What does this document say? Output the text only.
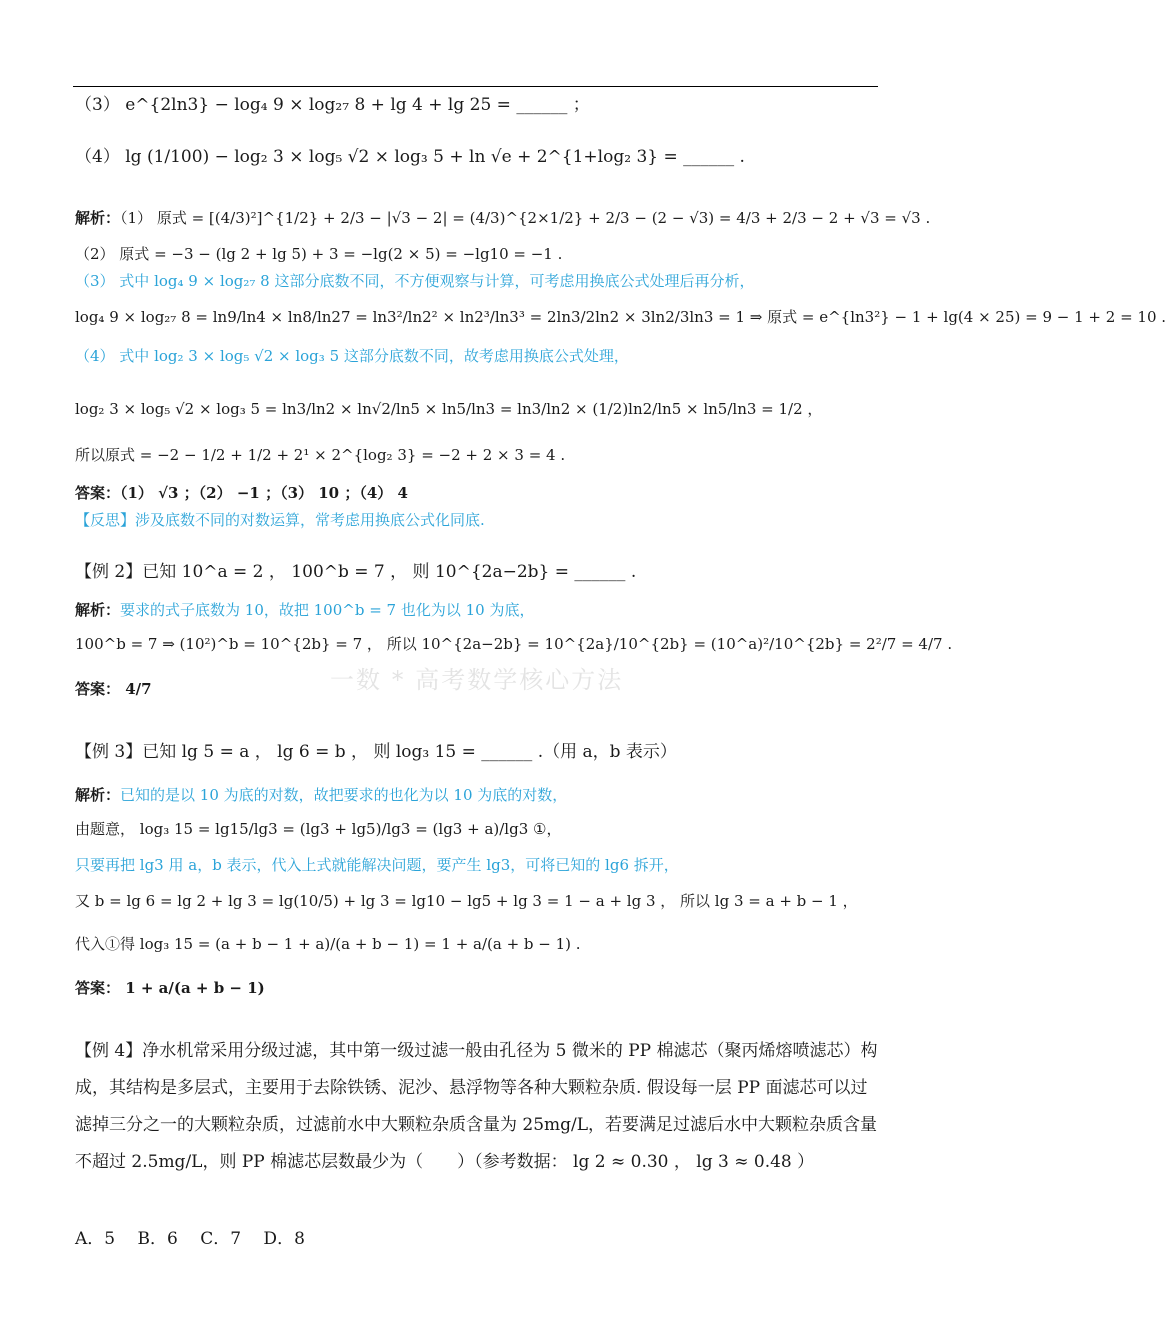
一数 * 高考数学核心方法
（3） e^{2ln3} − log₄ 9 × log₂₇ 8 + lg 4 + lg 25 = ______ ；
（4） lg (1/100) − log₂ 3 × log₅ √2 × log₃ 5 + ln √e + 2^{1+log₂ 3} = ______ .
解析：（1） 原式 = [(4/3)²]^{1/2} + 2/3 − |√3 − 2| = (4/3)^{2×1/2} + 2/3 − (2 − √3) = 4/3 + 2/3 − 2 + √3 = √3 .
（2） 原式 = −3 − (lg 2 + lg 5) + 3 = −lg(2 × 5) = −lg10 = −1 .
（3） 式中 log₄ 9 × log₂₇ 8 这部分底数不同，不方便观察与计算，可考虑用换底公式处理后再分析，
log₄ 9 × log₂₇ 8 = ln9/ln4 × ln8/ln27 = ln3²/ln2² × ln2³/ln3³ = 2ln3/2ln2 × 3ln2/3ln3 = 1 ⇒ 原式 = e^{ln3²} − 1 + lg(4 × 25) = 9 − 1 + 2 = 10 .
（4） 式中 log₂ 3 × log₅ √2 × log₃ 5 这部分底数不同，故考虑用换底公式处理，
log₂ 3 × log₅ √2 × log₃ 5 = ln3/ln2 × ln√2/ln5 × ln5/ln3 = ln3/ln2 × (1/2)ln2/ln5 × ln5/ln3 = 1/2 ，
所以原式 = −2 − 1/2 + 1/2 + 2¹ × 2^{log₂ 3} = −2 + 2 × 3 = 4 .
答案：（1） √3 ；（2） −1 ；（3） 10 ；（4） 4
【反思】涉及底数不同的对数运算，常考虑用换底公式化同底.
【例 2】已知 10^a = 2 ， 100^b = 7 ， 则 10^{2a−2b} = ______ .
解析：要求的式子底数为 10，故把 100^b = 7 也化为以 10 为底，
100^b = 7 ⇒ (10²)^b = 10^{2b} = 7 ， 所以 10^{2a−2b} = 10^{2a}/10^{2b} = (10^a)²/10^{2b} = 2²/7 = 4/7 .
答案： 4/7
【例 3】已知 lg 5 = a ， lg 6 = b ， 则 log₃ 15 = ______ .（用 a，b 表示）
解析：已知的是以 10 为底的对数，故把要求的也化为以 10 为底的对数，
由题意， log₃ 15 = lg15/lg3 = (lg3 + lg5)/lg3 = (lg3 + a)/lg3 ①，
只要再把 lg3 用 a，b 表示，代入上式就能解决问题，要产生 lg3，可将已知的 lg6 拆开，
又 b = lg 6 = lg 2 + lg 3 = lg(10/5) + lg 3 = lg10 − lg5 + lg 3 = 1 − a + lg 3 ， 所以 lg 3 = a + b − 1 ，
代入①得 log₃ 15 = (a + b − 1 + a)/(a + b − 1) = 1 + a/(a + b − 1) .
答案： 1 + a/(a + b − 1)
【例 4】净水机常采用分级过滤，其中第一级过滤一般由孔径为 5 微米的 PP 棉滤芯（聚丙烯熔喷滤芯）构成，其结构是多层式，主要用于去除铁锈、泥沙、悬浮物等各种大颗粒杂质. 假设每一层 PP 面滤芯可以过滤掉三分之一的大颗粒杂质，过滤前水中大颗粒杂质含量为 25mg/L，若要满足过滤后水中大颗粒杂质含量不超过 2.5mg/L，则 PP 棉滤芯层数最少为（　　）（参考数据： lg 2 ≈ 0.30 ， lg 3 ≈ 0.48 ）
A．5　 B．6　 C．7　 D．8
